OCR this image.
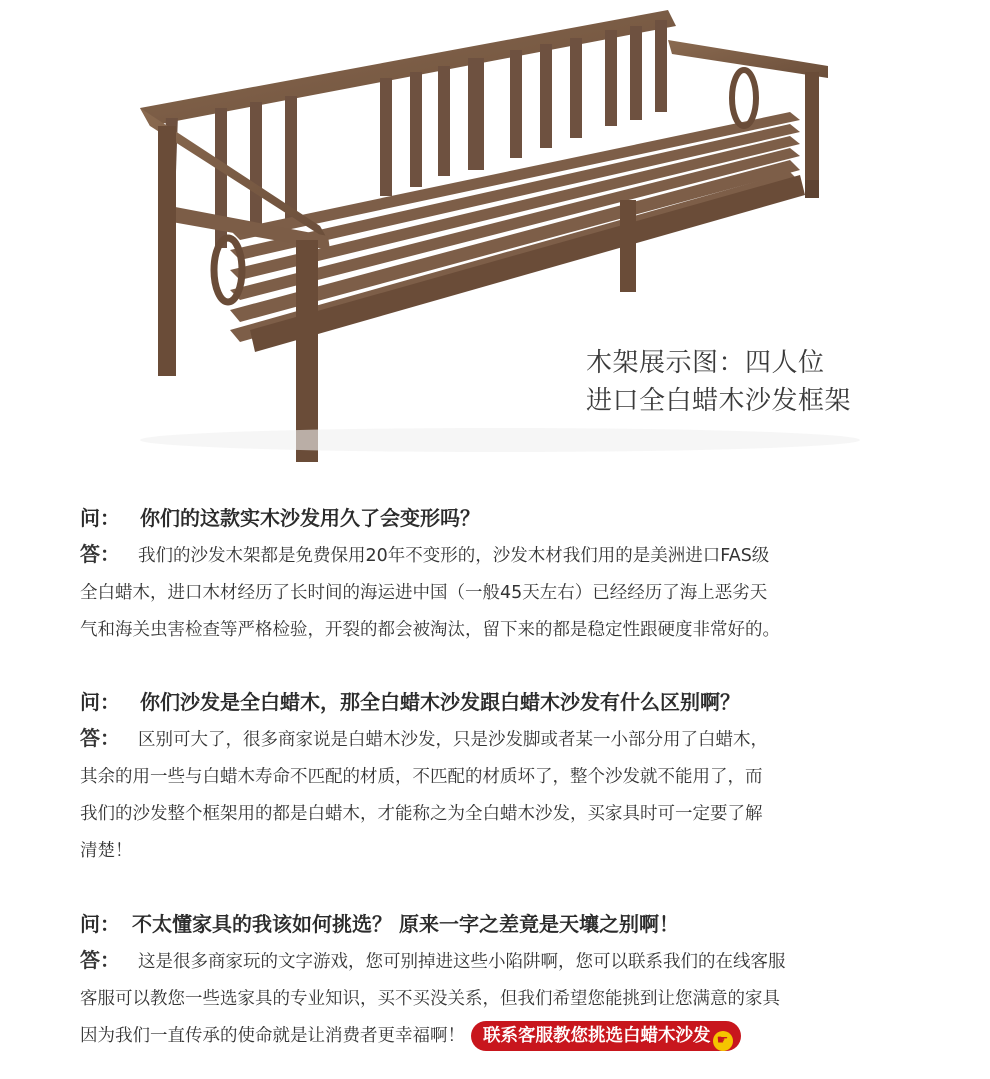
木架展示图：四人位
进口全白蜡木沙发框架
问： 你们的这款实木沙发用久了会变形吗？
答： 我们的沙发木架都是免费保用20年不变形的，沙发木材我们用的是美洲进口FAS级
全白蜡木，进口木材经历了长时间的海运进中国（一般45天左右）已经经历了海上恶劣天
气和海关虫害检查等严格检验，开裂的都会被淘汰，留下来的都是稳定性跟硬度非常好的。
问： 你们沙发是全白蜡木，那全白蜡木沙发跟白蜡木沙发有什么区别啊？
答： 区别可大了，很多商家说是白蜡木沙发，只是沙发脚或者某一小部分用了白蜡木，
其余的用一些与白蜡木寿命不匹配的材质，不匹配的材质坏了，整个沙发就不能用了，而
我们的沙发整个框架用的都是白蜡木，才能称之为全白蜡木沙发，买家具时可一定要了解
清楚！
问： 不太懂家具的我该如何挑选？ 原来一字之差竟是天壤之别啊！
答： 这是很多商家玩的文字游戏，您可别掉进这些小陷阱啊，您可以联系我们的在线客服
客服可以教您一些选家具的专业知识，买不买没关系，但我们希望您能挑到让您满意的家具
因为我们一直传承的使命就是让消费者更幸福啊！ 联系客服教您挑选白蜡木沙发 ☛
